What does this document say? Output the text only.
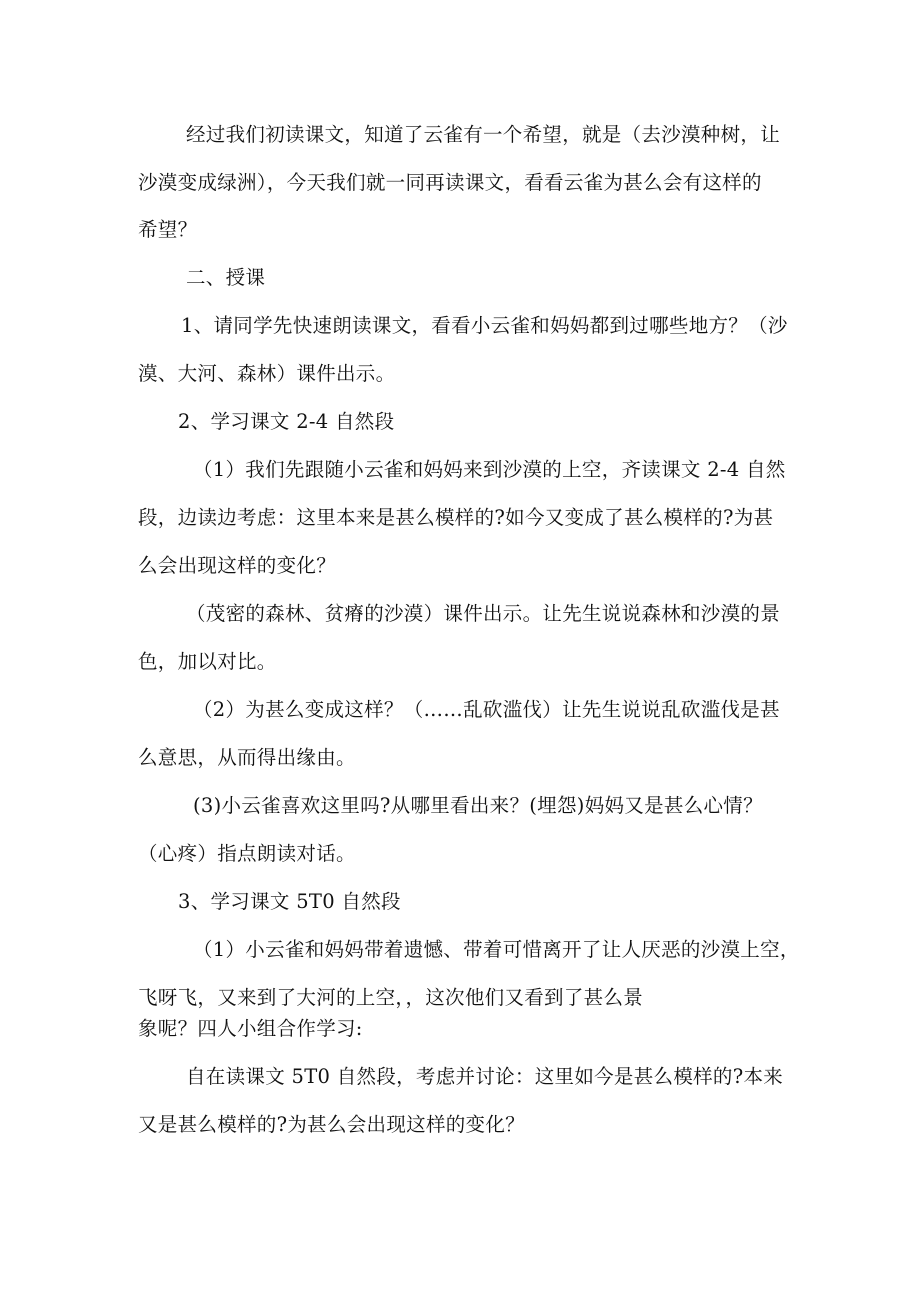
经过我们初读课文，知道了云雀有一个希望，就是（去沙漠种树，让

沙漠变成绿洲），今天我们就一同再读课文，看看云雀为甚么会有这样的

希望？

二、授课

1、请同学先快速朗读课文，看看小云雀和妈妈都到过哪些地方？（沙

漠、大河、森林）课件出示。

2、学习课文 2-4 自然段

（1）我们先跟随小云雀和妈妈来到沙漠的上空，齐读课文 2-4 自然

段，边读边考虑：这里本来是甚么模样的?如今又变成了甚么模样的?为甚

么会出现这样的变化？

（茂密的森林、贫瘠的沙漠）课件出示。让先生说说森林和沙漠的景

色，加以对比。

（2）为甚么变成这样？（……乱砍滥伐）让先生说说乱砍滥伐是甚

么意思，从而得出缘由。

(3)小云雀喜欢这里吗?从哪里看出来？(埋怨)妈妈又是甚么心情？

（心疼）指点朗读对话。

3、学习课文 5T0 自然段

（1）小云雀和妈妈带着遗憾、带着可惜离开了让人厌恶的沙漠上空，

飞呀飞，又来到了大河的上空，，这次他们又看到了甚么景

象呢？四人小组合作学习:

自在读课文 5T0 自然段，考虑并讨论：这里如今是甚么模样的?本来

又是甚么模样的?为甚么会出现这样的变化？
